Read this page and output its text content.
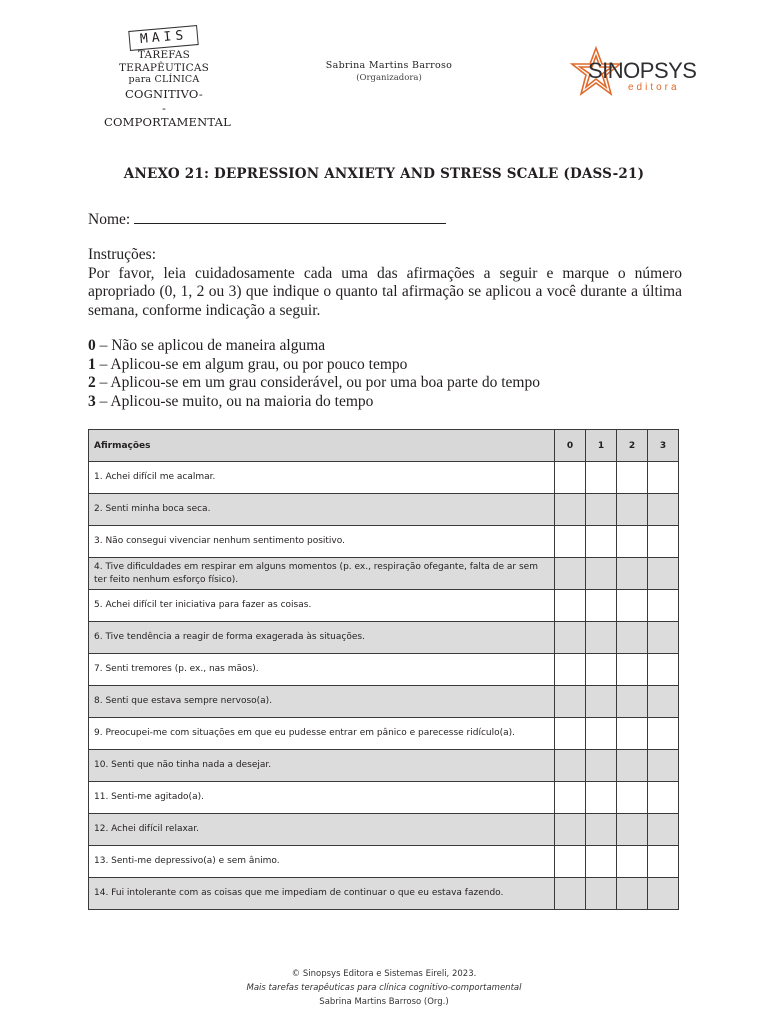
MAIS
TAREFAS
TERAPÊUTICAS
para CLÍNICA
COGNITIVO-
-COMPORTAMENTAL
Sabrina Martins Barroso
(Organizadora)	SINOPSYS
editora
ANEXO 21: DEPRESSION ANXIETY AND STRESS SCALE (DASS-21)
Nome:
Instruções:
Por favor, leia cuidadosamente cada uma das afirmações a seguir e marque o número apropriado (0, 1, 2 ou 3) que indique o quanto tal afirmação se aplicou a você durante a última semana, conforme indicação a seguir.
0 – Não se aplicou de maneira alguma
1 – Aplicou-se em algum grau, ou por pouco tempo
2 – Aplicou-se em um grau considerável, ou por uma boa parte do tempo
3 – Aplicou-se muito, ou na maioria do tempo
Afirmações	0	1	2	3
1. Achei difícil me acalmar.				
2. Senti minha boca seca.				
3. Não consegui vivenciar nenhum sentimento positivo.				
4. Tive dificuldades em respirar em alguns momentos (p. ex., respiração ofegante, falta de ar sem ter feito nenhum esforço físico).				
5. Achei difícil ter iniciativa para fazer as coisas.				
6. Tive tendência a reagir de forma exagerada às situações.				
7. Senti tremores (p. ex., nas mãos).				
8. Senti que estava sempre nervoso(a).				
9. Preocupei-me com situações em que eu pudesse entrar em pânico e parecesse ridículo(a).				
10. Senti que não tinha nada a desejar.				
11. Senti-me agitado(a).				
12. Achei difícil relaxar.				
13. Senti-me depressivo(a) e sem ânimo.				
14. Fui intolerante com as coisas que me impediam de continuar o que eu estava fazendo.				
© Sinopsys Editora e Sistemas Eireli, 2023.
Mais tarefas terapêuticas para clínica cognitivo-comportamental
Sabrina Martins Barroso (Org.)
